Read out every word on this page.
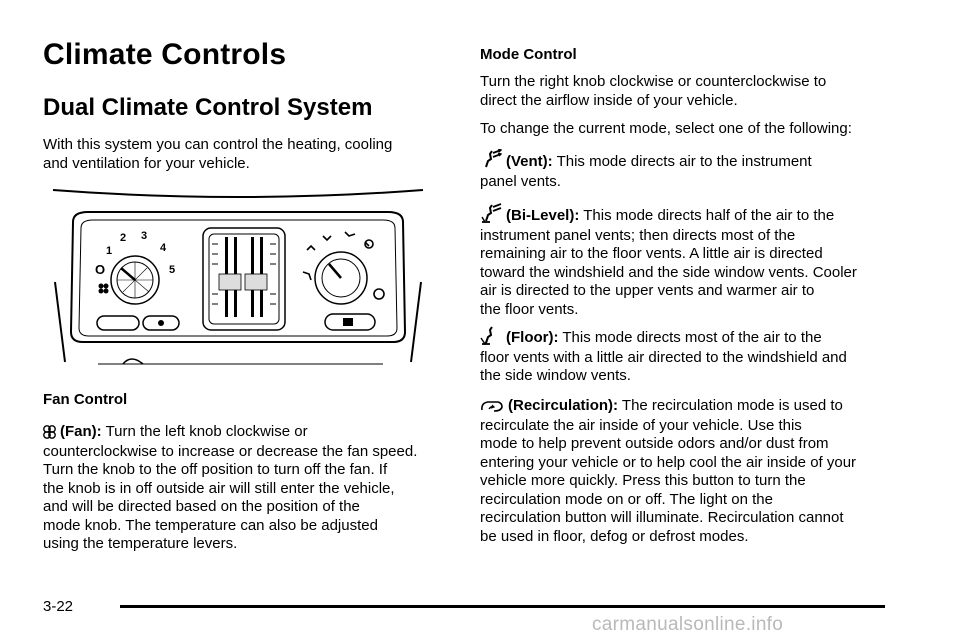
Climate Controls
Dual Climate Control System

With this system you can control the heating, cooling

and ventilation for your vehicle.

1
2 3
4
5
O

Fan Control

(Fan): Turn the left knob clockwise or

counterclockwise to increase or decrease the fan speed.

Turn the knob to the off position to turn off the fan. If

the knob is in off outside air will still enter the vehicle,

and will be directed based on the position of the

mode knob. The temperature can also be adjusted

using the temperature levers.

Mode Control

Turn the right knob clockwise or counterclockwise to

direct the airflow inside of your vehicle.

To change the current mode, select one of the following:

(Vent): This mode directs air to the instrument

panel vents.

(Bi-Level): This mode directs half of the air to the

instrument panel vents; then directs most of the

remaining air to the floor vents. A little air is directed

toward the windshield and the side window vents. Cooler

air is directed to the upper vents and warmer air to

the floor vents.

(Floor): This mode directs most of the air to the

floor vents with a little air directed to the windshield and

the side window vents.

(Recirculation): The recirculation mode is used to

recirculate the air inside of your vehicle. Use this

mode to help prevent outside odors and/or dust from

entering your vehicle or to help cool the air inside of your

vehicle more quickly. Press this button to turn the

recirculation mode on or off. The light on the

recirculation button will illuminate. Recirculation cannot

be used in floor, defog or defrost modes.

3-22
carmanualsonline.info
